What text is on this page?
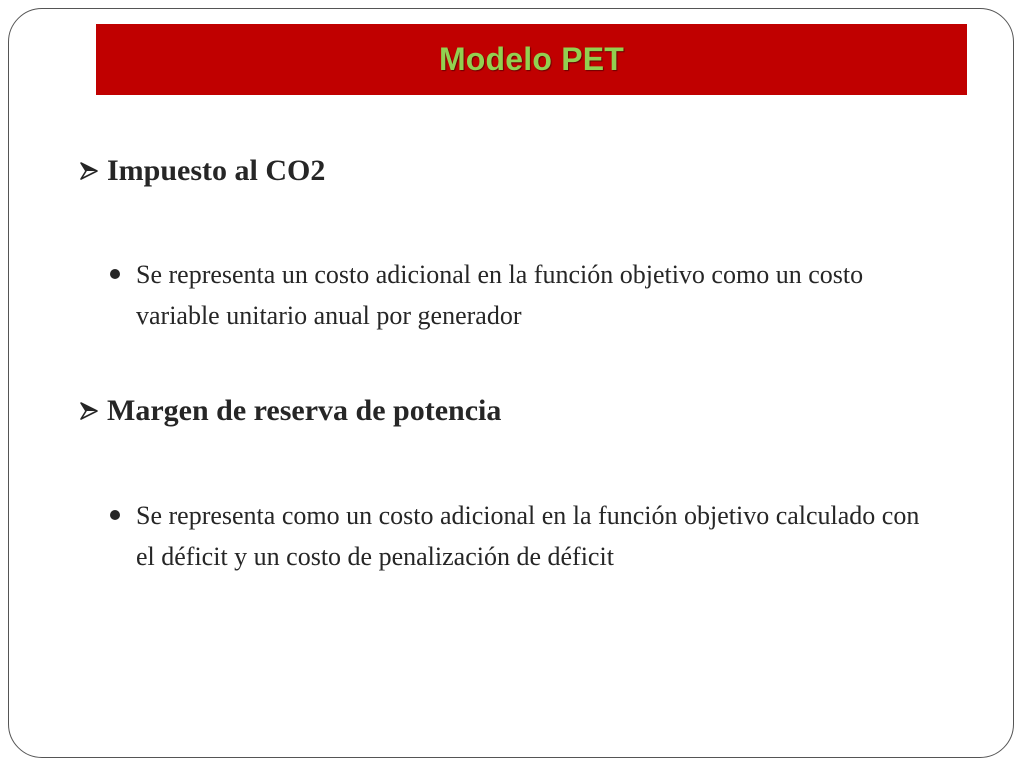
Modelo PET
Impuesto al CO2
Se representa un costo adicional en la función objetivo como un costo variable unitario anual por generador
Margen de reserva de potencia
Se representa como un costo adicional en la función objetivo calculado con el déficit y un costo de penalización de déficit
